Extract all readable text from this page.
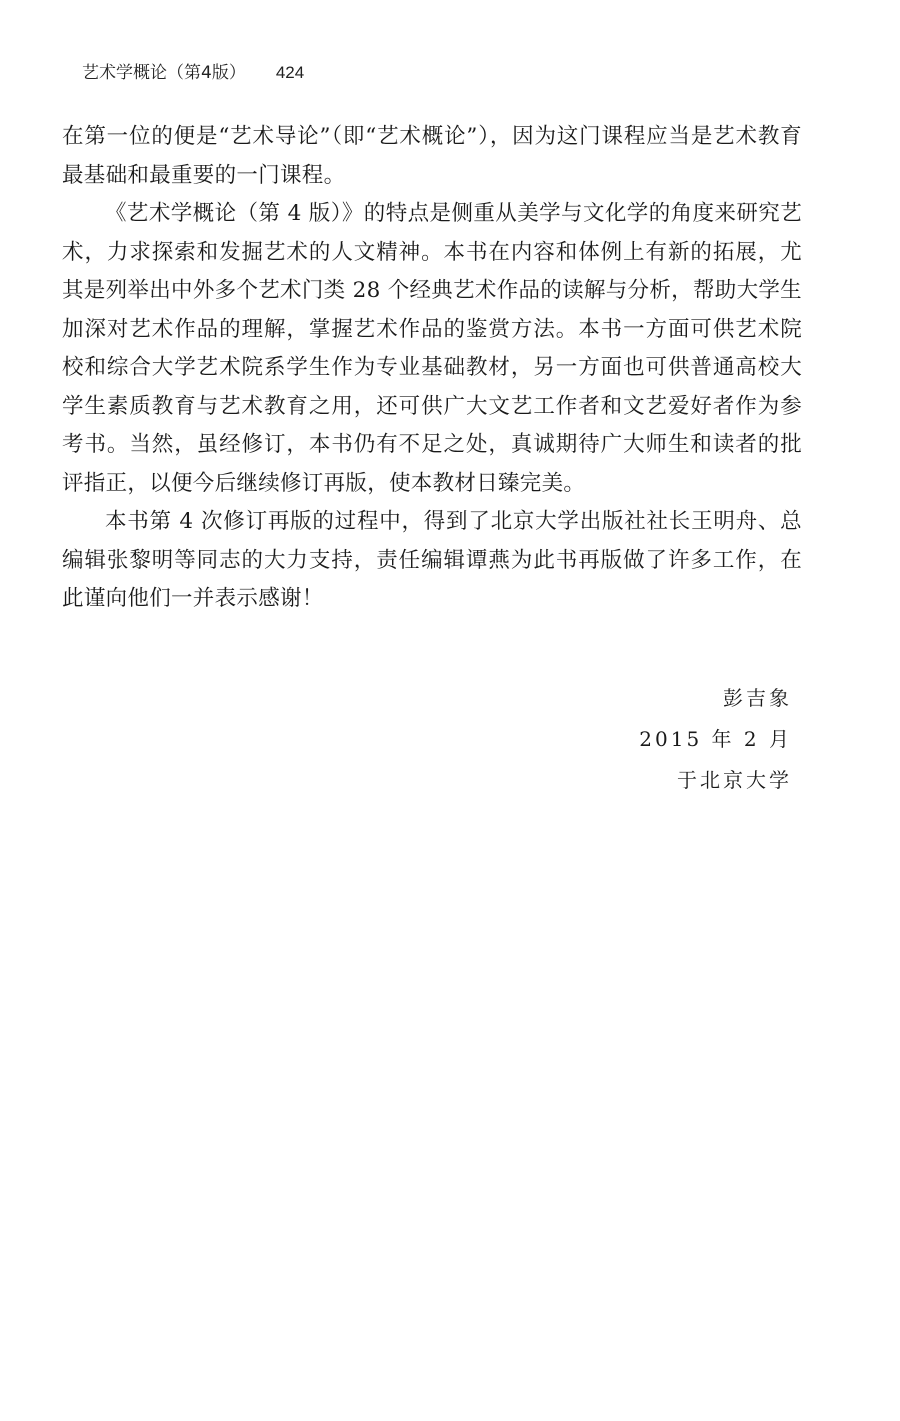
艺术学概论（第4版） 424

在第一位的便是“艺术导论”（即“艺术概论”），因为这门课程应当是艺术教育最基础和最重要的一门课程。

《艺术学概论（第 4 版）》的特点是侧重从美学与文化学的角度来研究艺术，力求探索和发掘艺术的人文精神。本书在内容和体例上有新的拓展，尤其是列举出中外多个艺术门类 28 个经典艺术作品的读解与分析，帮助大学生加深对艺术作品的理解，掌握艺术作品的鉴赏方法。本书一方面可供艺术院校和综合大学艺术院系学生作为专业基础教材，另一方面也可供普通高校大学生素质教育与艺术教育之用，还可供广大文艺工作者和文艺爱好者作为参考书。当然，虽经修订，本书仍有不足之处，真诚期待广大师生和读者的批评指正，以便今后继续修订再版，使本教材日臻完美。

本书第 4 次修订再版的过程中，得到了北京大学出版社社长王明舟、总编辑张黎明等同志的大力支持，责任编辑谭燕为此书再版做了许多工作，在此谨向他们一并表示感谢！

彭吉象
2015 年 2 月
于北京大学
